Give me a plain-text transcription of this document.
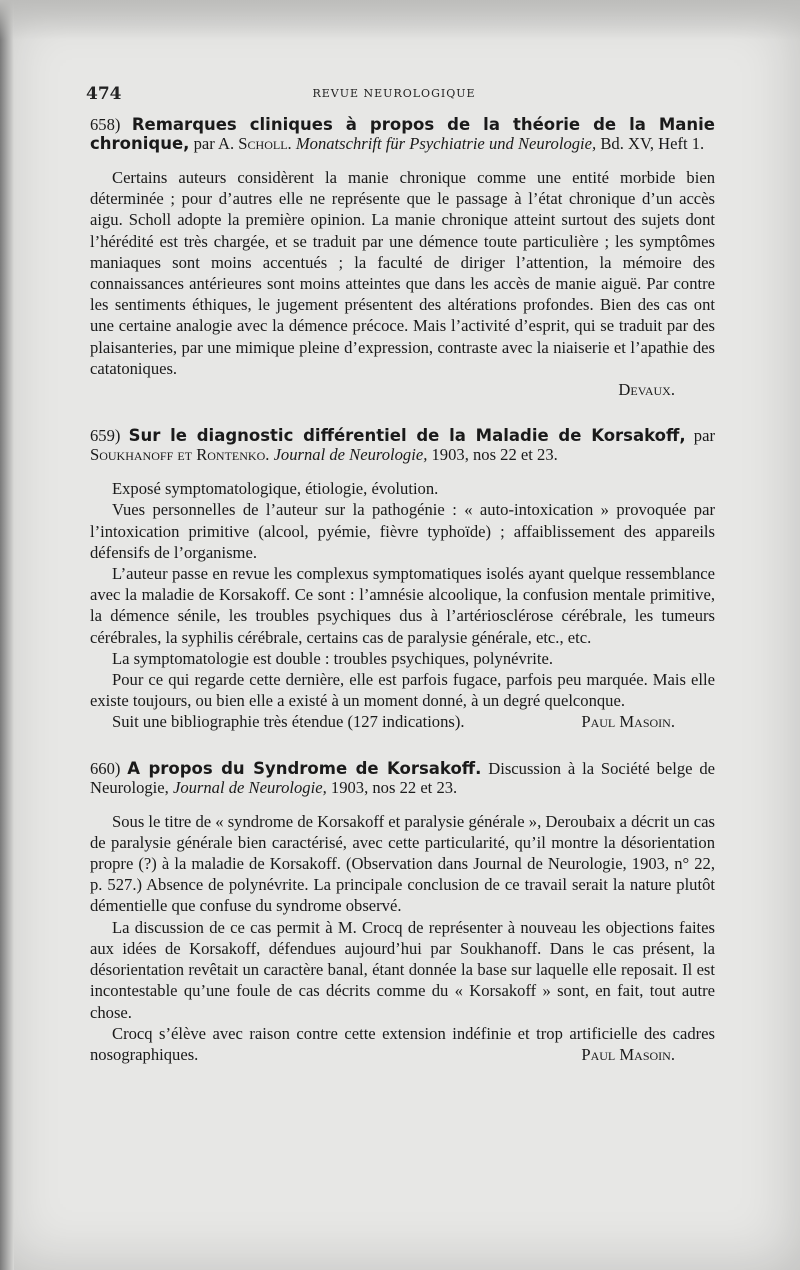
474	REVUE NEUROLOGIQUE

658) Remarques cliniques à propos de la théorie de la Manie chronique, par A. Scholl. Monatschrift für Psychiatrie und Neurologie, Bd. XV, Heft 1.

Certains auteurs considèrent la manie chronique comme une entité morbide bien déterminée ; pour d’autres elle ne représente que le passage à l’état chronique d’un accès aigu. Scholl adopte la première opinion. La manie chronique atteint surtout des sujets dont l’hérédité est très chargée, et se traduit par une démence toute particulière ; les symptômes maniaques sont moins accentués ; la faculté de diriger l’attention, la mémoire des connaissances antérieures sont moins atteintes que dans les accès de manie aiguë. Par contre les sentiments éthiques, le jugement présentent des altérations profondes. Bien des cas ont une certaine analogie avec la démence précoce. Mais l’activité d’esprit, qui se traduit par des plaisanteries, par une mimique pleine d’expression, contraste avec la niaiserie et l’apathie des catatoniques.

Devaux.

659) Sur le diagnostic différentiel de la Maladie de Korsakoff, par Soukhanoff et Rontenko. Journal de Neurologie, 1903, nos 22 et 23.

Exposé symptomatologique, étiologie, évolution.

Vues personnelles de l’auteur sur la pathogénie : « auto-intoxication » provoquée par l’intoxication primitive (alcool, pyémie, fièvre typhoïde) ; affaiblissement des appareils défensifs de l’organisme.

L’auteur passe en revue les complexus symptomatiques isolés ayant quelque ressemblance avec la maladie de Korsakoff. Ce sont : l’amnésie alcoolique, la confusion mentale primitive, la démence sénile, les troubles psychiques dus à l’artériosclérose cérébrale, les tumeurs cérébrales, la syphilis cérébrale, certains cas de paralysie générale, etc., etc.

La symptomatologie est double : troubles psychiques, polynévrite.

Pour ce qui regarde cette dernière, elle est parfois fugace, parfois peu marquée. Mais elle existe toujours, ou bien elle a existé à un moment donné, à un degré quelconque.

Suit une bibliographie très étendue (127 indications).	Paul Masoin.

660) A propos du Syndrome de Korsakoff. Discussion à la Société belge de Neurologie, Journal de Neurologie, 1903, nos 22 et 23.

Sous le titre de « syndrome de Korsakoff et paralysie générale », Deroubaix a décrit un cas de paralysie générale bien caractérisé, avec cette particularité, qu’il montre la désorientation propre (?) à la maladie de Korsakoff. (Observation dans Journal de Neurologie, 1903, n° 22, p. 527.) Absence de polynévrite. La principale conclusion de ce travail serait la nature plutôt démentielle que confuse du syndrome observé.

La discussion de ce cas permit à M. Crocq de représenter à nouveau les objections faites aux idées de Korsakoff, défendues aujourd’hui par Soukhanoff. Dans le cas présent, la désorientation revêtait un caractère banal, étant donnée la base sur laquelle elle reposait. Il est incontestable qu’une foule de cas décrits comme du « Korsakoff » sont, en fait, tout autre chose.

Crocq s’élève avec raison contre cette extension indéfinie et trop artificielle des cadres nosographiques.	Paul Masoin.
